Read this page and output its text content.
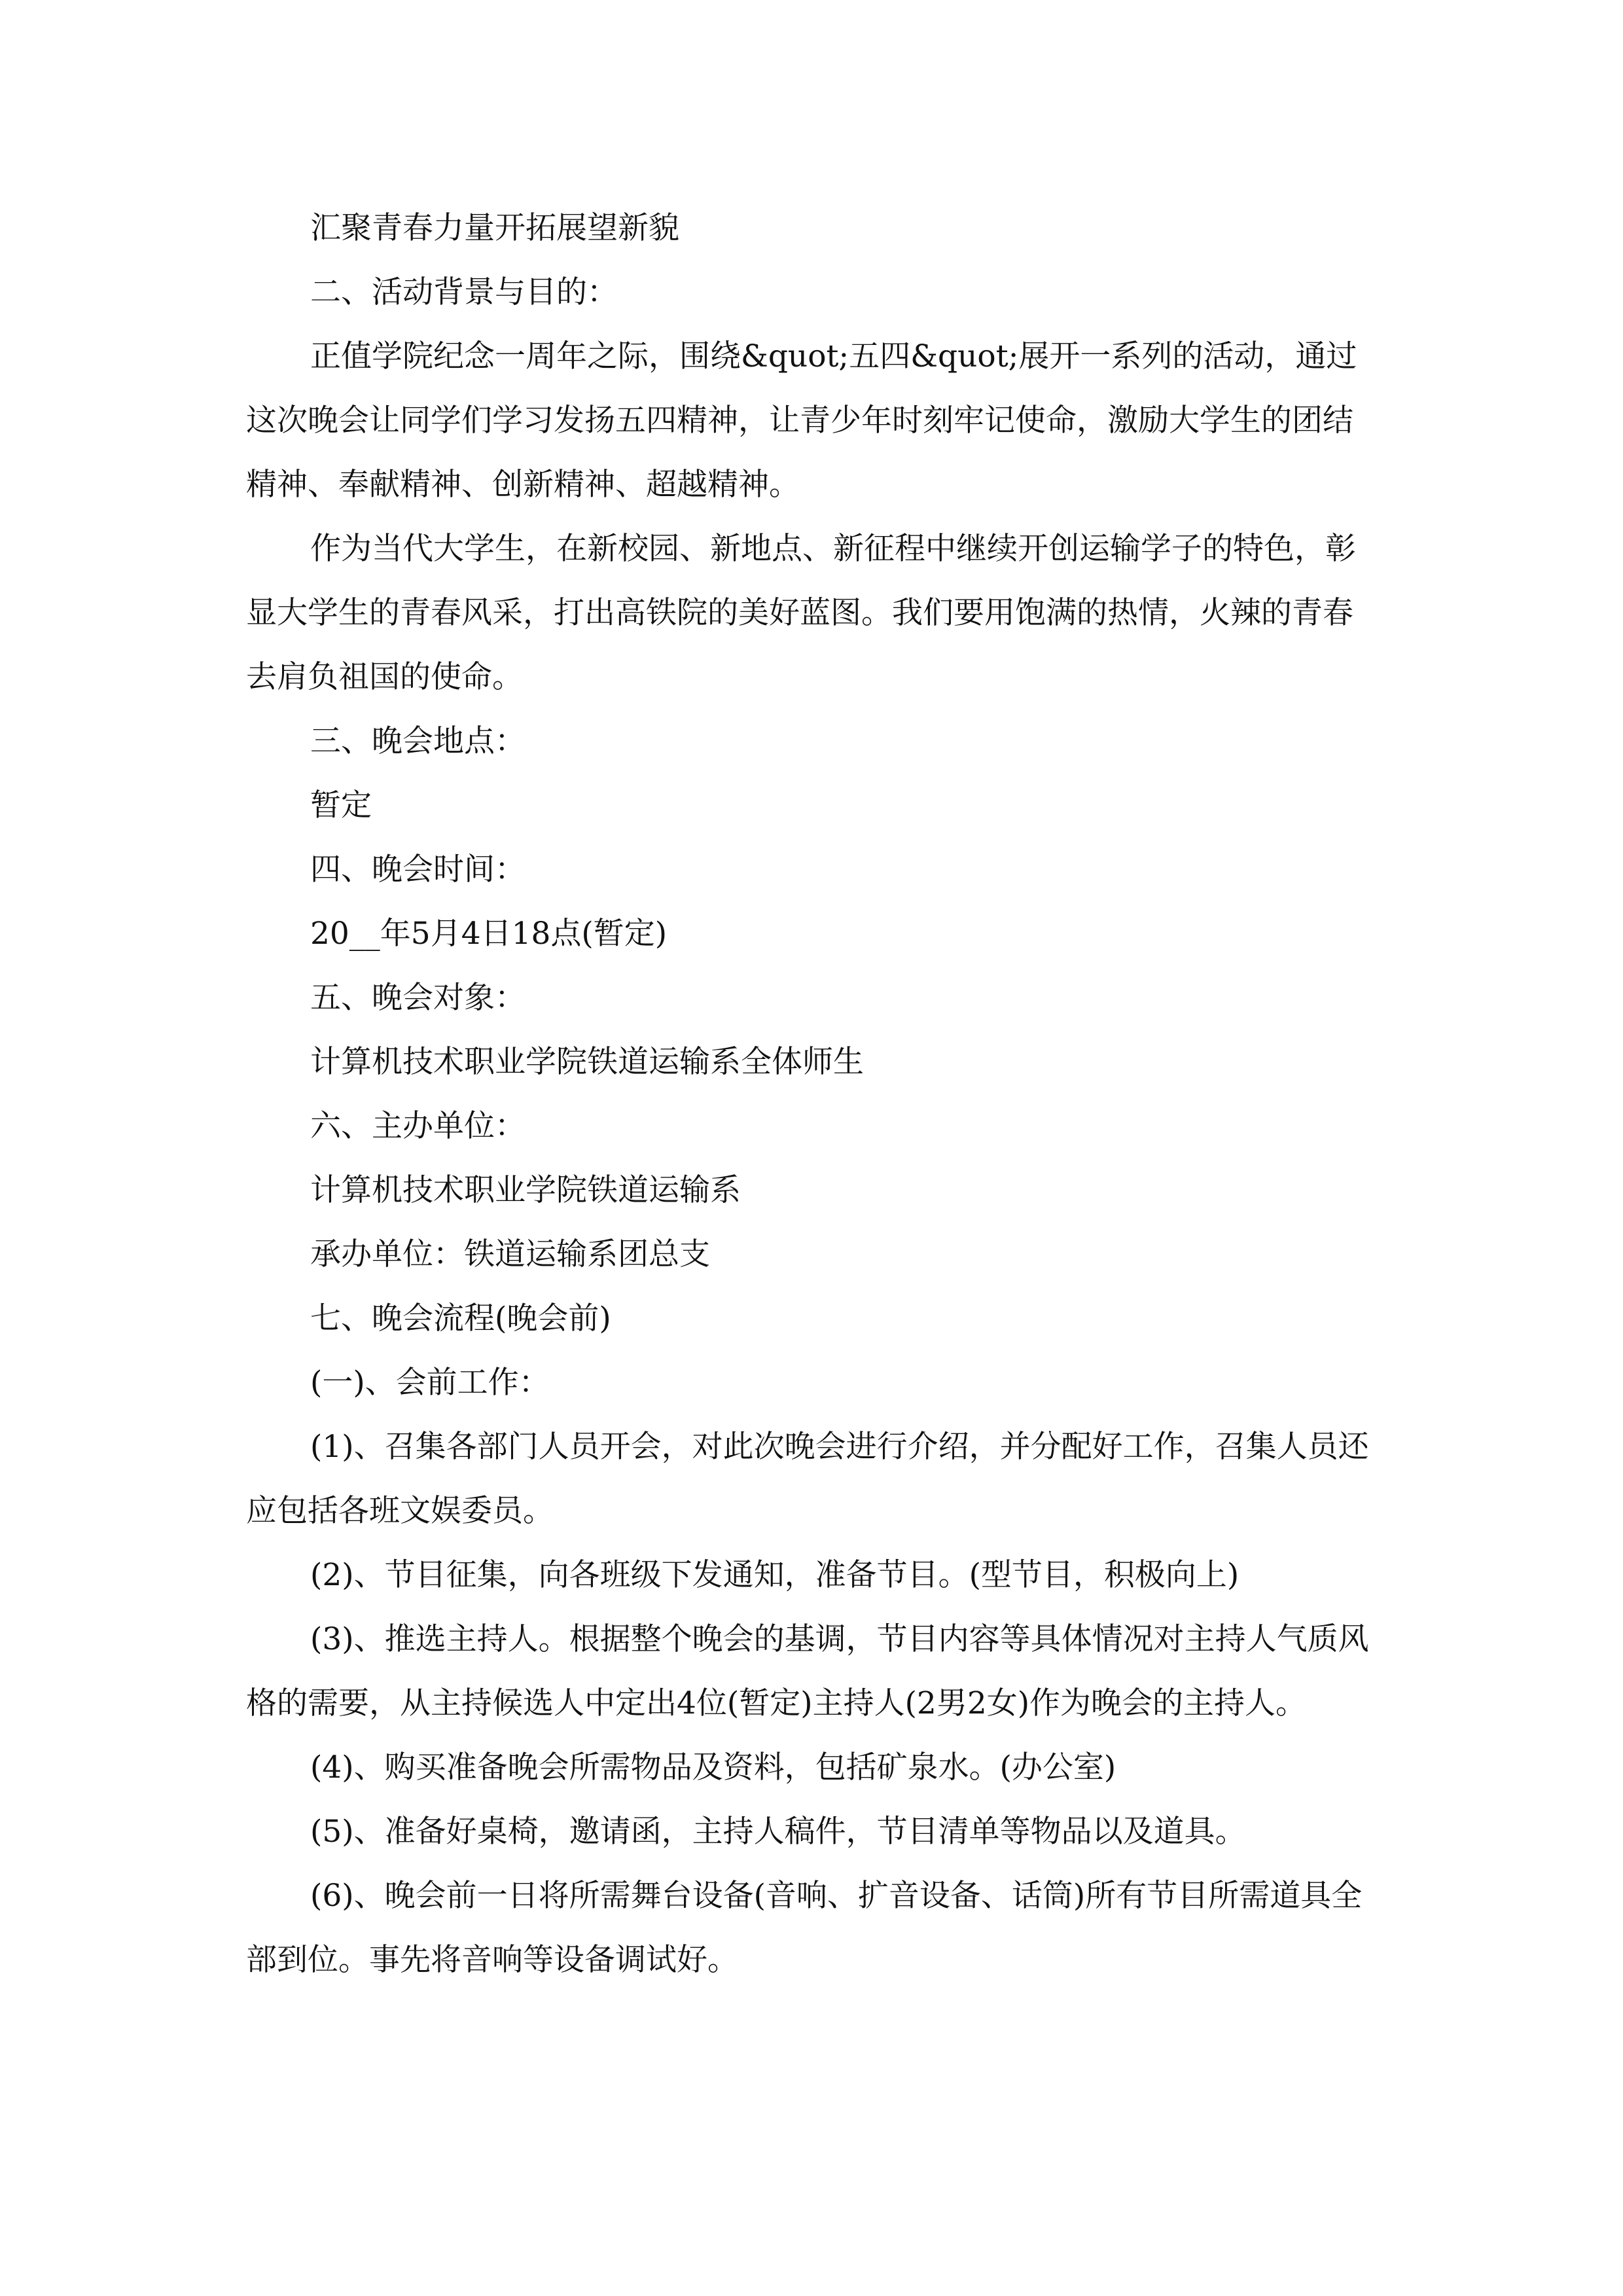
汇聚青春力量开拓展望新貌

二、活动背景与目的：

正值学院纪念一周年之际，围绕&quot;五四&quot;展开一系列的活动，通过这次晚会让同学们学习发扬五四精神，让青少年时刻牢记使命，激励大学生的团结精神、奉献精神、创新精神、超越精神。

作为当代大学生，在新校园、新地点、新征程中继续开创运输学子的特色，彰显大学生的青春风采，打出高铁院的美好蓝图。我们要用饱满的热情，火辣的青春去肩负祖国的使命。

三、晚会地点：

暂定

四、晚会时间：

20__年5月4日18点(暂定)

五、晚会对象：

计算机技术职业学院铁道运输系全体师生

六、主办单位：

计算机技术职业学院铁道运输系

承办单位：铁道运输系团总支

七、晚会流程(晚会前)

(一)、会前工作：

(1)、召集各部门人员开会，对此次晚会进行介绍，并分配好工作，召集人员还应包括各班文娱委员。

(2)、节目征集，向各班级下发通知，准备节目。(型节目，积极向上)

(3)、推选主持人。根据整个晚会的基调，节目内容等具体情况对主持人气质风格的需要，从主持候选人中定出4位(暂定)主持人(2男2女)作为晚会的主持人。

(4)、购买准备晚会所需物品及资料，包括矿泉水。(办公室)

(5)、准备好桌椅，邀请函，主持人稿件，节目清单等物品以及道具。

(6)、晚会前一日将所需舞台设备(音响、扩音设备、话筒)所有节目所需道具全部到位。事先将音响等设备调试好。
